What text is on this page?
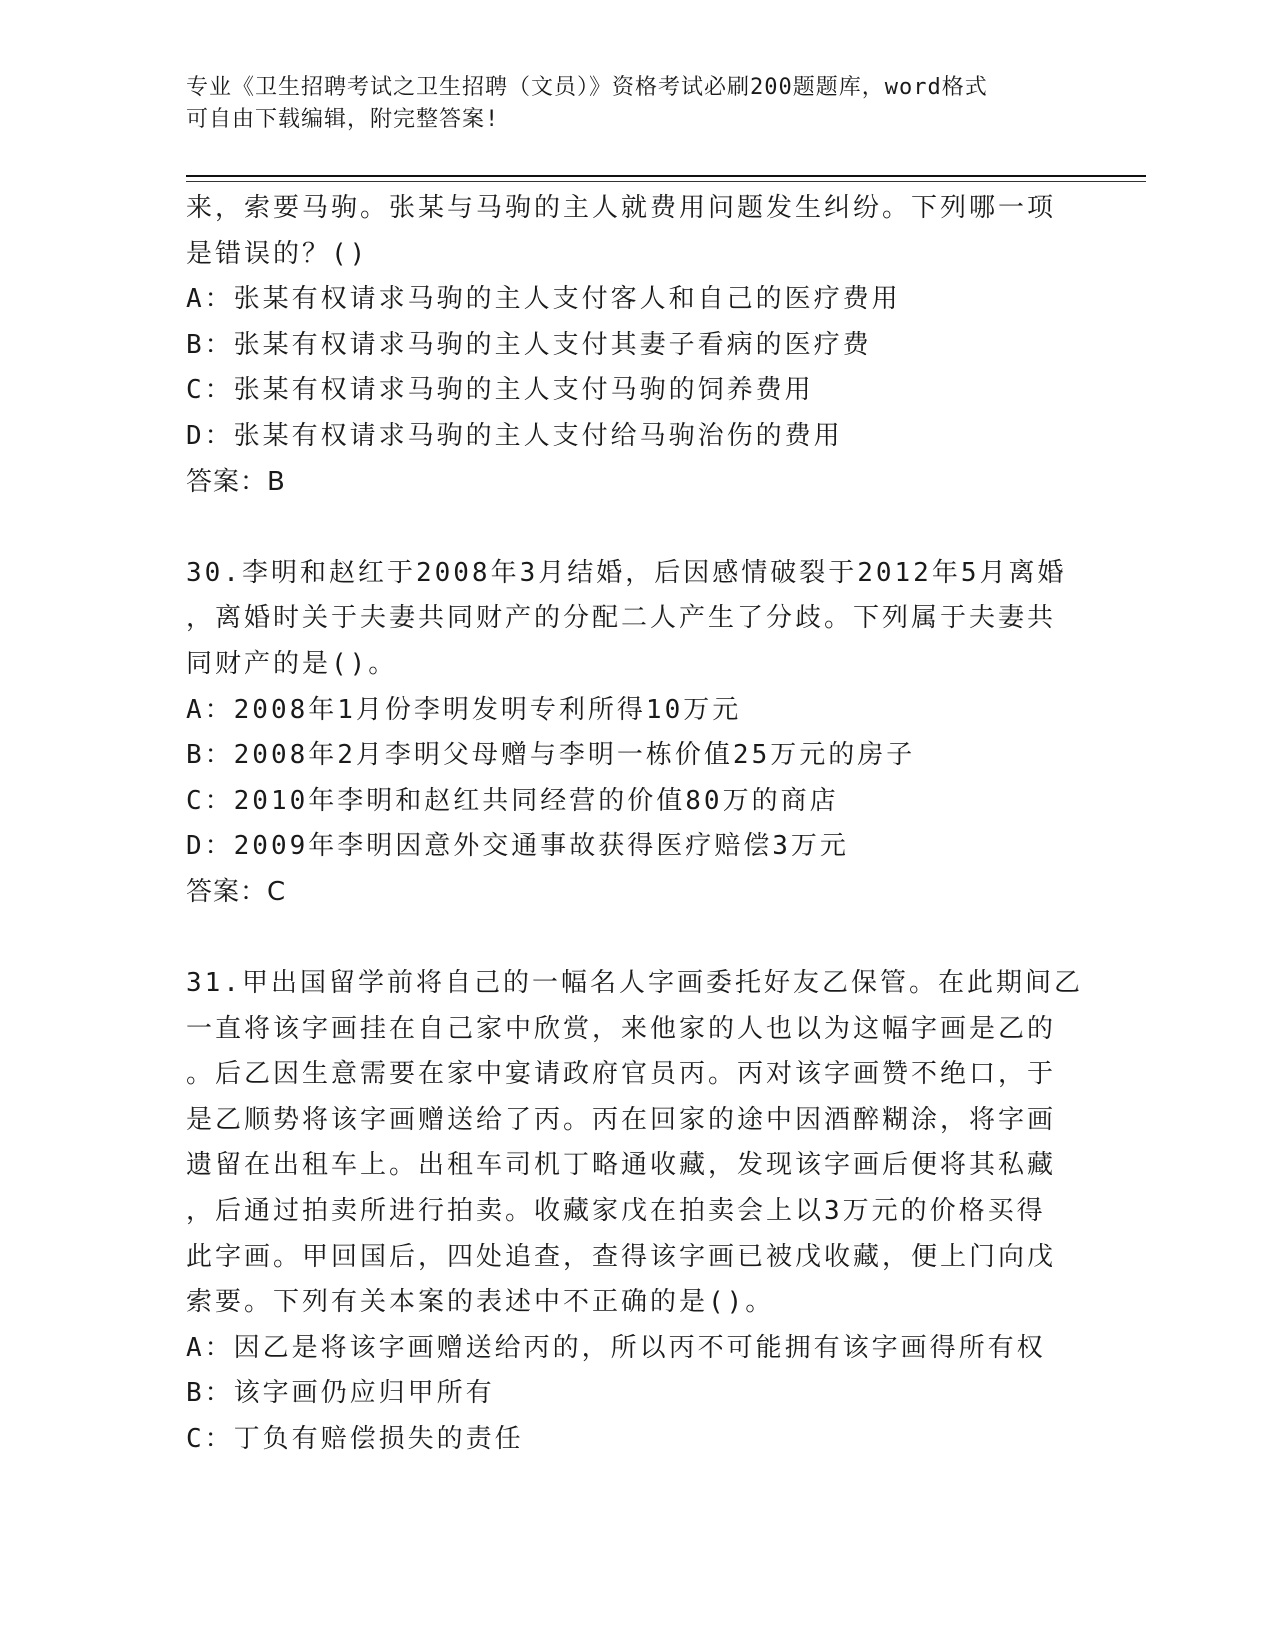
专业《卫生招聘考试之卫生招聘（文员）》资格考试必刷200题题库，word格式
可自由下载编辑，附完整答案!
来，索要马驹。张某与马驹的主人就费用问题发生纠纷。下列哪一项
是错误的？()
A：张某有权请求马驹的主人支付客人和自己的医疗费用
B：张某有权请求马驹的主人支付其妻子看病的医疗费
C：张某有权请求马驹的主人支付马驹的饲养费用
D：张某有权请求马驹的主人支付给马驹治伤的费用
答案：B
30.李明和赵红于2008年3月结婚，后因感情破裂于2012年5月离婚
，离婚时关于夫妻共同财产的分配二人产生了分歧。下列属于夫妻共
同财产的是()。
A：2008年1月份李明发明专利所得10万元
B：2008年2月李明父母赠与李明一栋价值25万元的房子
C：2010年李明和赵红共同经营的价值80万的商店
D：2009年李明因意外交通事故获得医疗赔偿3万元
答案：C
31.甲出国留学前将自己的一幅名人字画委托好友乙保管。在此期间乙
一直将该字画挂在自己家中欣赏，来他家的人也以为这幅字画是乙的
。后乙因生意需要在家中宴请政府官员丙。丙对该字画赞不绝口，于
是乙顺势将该字画赠送给了丙。丙在回家的途中因酒醉糊涂，将字画
遗留在出租车上。出租车司机丁略通收藏，发现该字画后便将其私藏
，后通过拍卖所进行拍卖。收藏家戊在拍卖会上以3万元的价格买得
此字画。甲回国后，四处追查，查得该字画已被戊收藏，便上门向戊
索要。下列有关本案的表述中不正确的是()。
A：因乙是将该字画赠送给丙的，所以丙不可能拥有该字画得所有权
B：该字画仍应归甲所有
C：丁负有赔偿损失的责任
